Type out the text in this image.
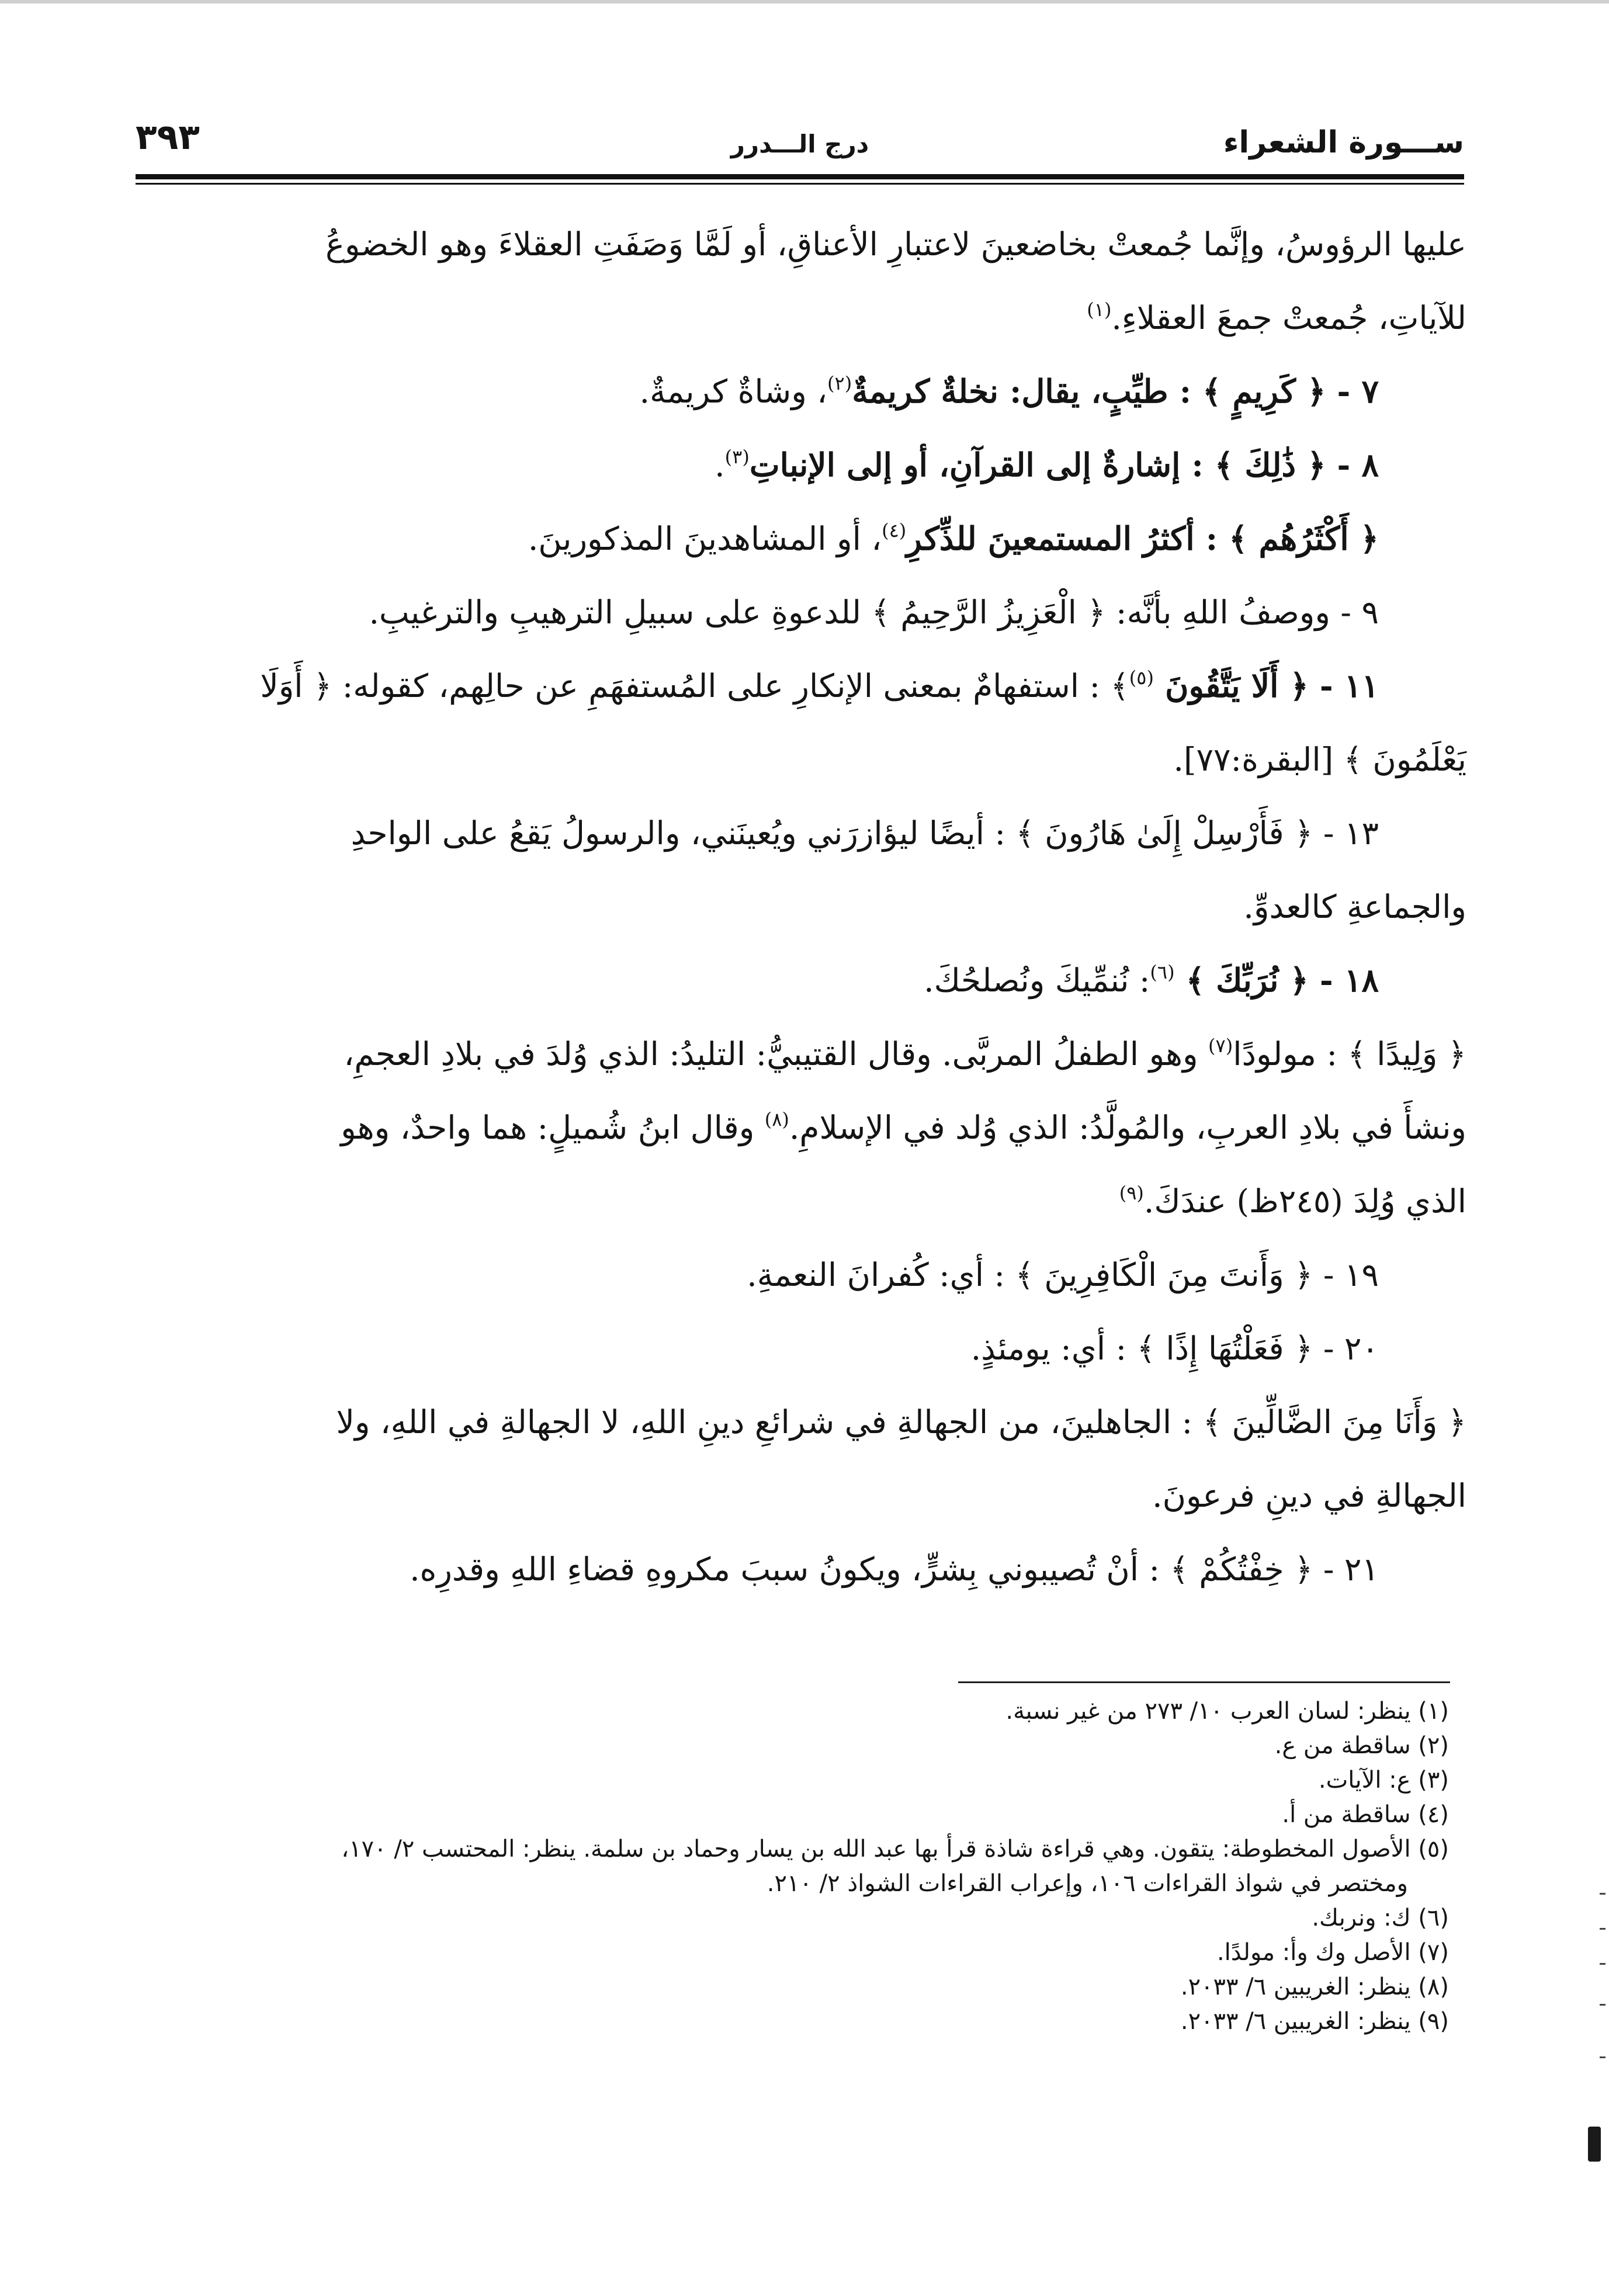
ســـورة الشعراء
درج الـــدرر
٣٩٣

عليها الرؤوسُ، وإنَّما جُمعتْ بخاضعينَ لاعتبارِ الأعناقِ، أو لَمَّا وَصَفَتِ العقلاءَ وهو الخضوعُ

للآياتِ، جُمعتْ جمعَ العقلاءِ.$^{(١)}$

٧ - ﴿ كَرِيمٍ ﴾ : طيِّبٍ، يقال: نخلةٌ كريمةٌ$^{(٢)}$، وشاةٌ كريمةٌ.

٨ - ﴿ ذَٰلِكَ ﴾ : إشارةٌ إلى القرآنِ، أو إلى الإنباتِ$^{(٣)}$.

﴿ أَكْثَرُهُم ﴾ : أكثرُ المستمعينَ للذِّكرِ$^{(٤)}$، أو المشاهدينَ المذكورينَ.

٩ - ووصفُ اللهِ بأنَّه: ﴿ الْعَزِيزُ الرَّحِيمُ ﴾ للدعوةِ على سبيلِ الترهيبِ والترغيبِ.

١١ - ﴿ أَلَا يَتَّقُونَ $^{(٥)}$﴾ : استفهامٌ بمعنى الإنكارِ على المُستفهَمِ عن حالِهم، كقوله: ﴿ أَوَلَا

يَعْلَمُونَ ﴾ [البقرة:٧٧].

١٣ - ﴿ فَأَرْسِلْ إِلَىٰ هَارُونَ ﴾ : أيضًا ليؤازرَني ويُعينَني، والرسولُ يَقعُ على الواحدِ

والجماعةِ كالعدوِّ.

١٨ - ﴿ نُرَبِّكَ ﴾ $^{(٦)}$: نُنمِّيكَ ونُصلحُكَ.

﴿ وَلِيدًا ﴾ : مولودًا$^{(٧)}$ وهو الطفلُ المربَّى. وقال القتيبيُّ: التليدُ: الذي وُلدَ في بلادِ العجمِ،

ونشأَ في بلادِ العربِ، والمُولَّدُ: الذي وُلد في الإسلامِ.$^{(٨)}$ وقال ابنُ شُميلٍ: هما واحدٌ، وهو

الذي وُلِدَ (٢٤٥ظ) عندَكَ.$^{(٩)}$

١٩ - ﴿ وَأَنتَ مِنَ الْكَافِرِينَ ﴾ : أي: كُفرانَ النعمةِ.

٢٠ - ﴿ فَعَلْتُهَا إِذًا ﴾ : أي: يومئذٍ.

﴿ وَأَنَا مِنَ الضَّالِّينَ ﴾ : الجاهلينَ، من الجهالةِ في شرائعِ دينِ اللهِ، لا الجهالةِ في اللهِ، ولا

الجهالةِ في دينِ فرعونَ.

٢١ - ﴿ خِفْتُكُمْ ﴾ : أنْ تُصيبوني بِشرٍّ، ويكونُ سببَ مكروهِ قضاءِ اللهِ وقدرِه.

(١) ينظر: لسان العرب ١٠/ ٢٧٣ من غير نسبة.

(٢) ساقطة من ع.

(٣) ع: الآيات.

(٤) ساقطة من أ.

(٥) الأصول المخطوطة: يتقون. وهي قراءة شاذة قرأ بها عبد الله بن يسار وحماد بن سلمة. ينظر: المحتسب ٢/ ١٧٠،

ومختصر في شواذ القراءات ١٠٦، وإعراب القراءات الشواذ ٢/ ٢١٠.

(٦) ك: ونربك.

(٧) الأصل وك وأ: مولدًا.

(٨) ينظر: الغريبين ٦/ ٢٠٣٣.

(٩) ينظر: الغريبين ٦/ ٢٠٣٣.
